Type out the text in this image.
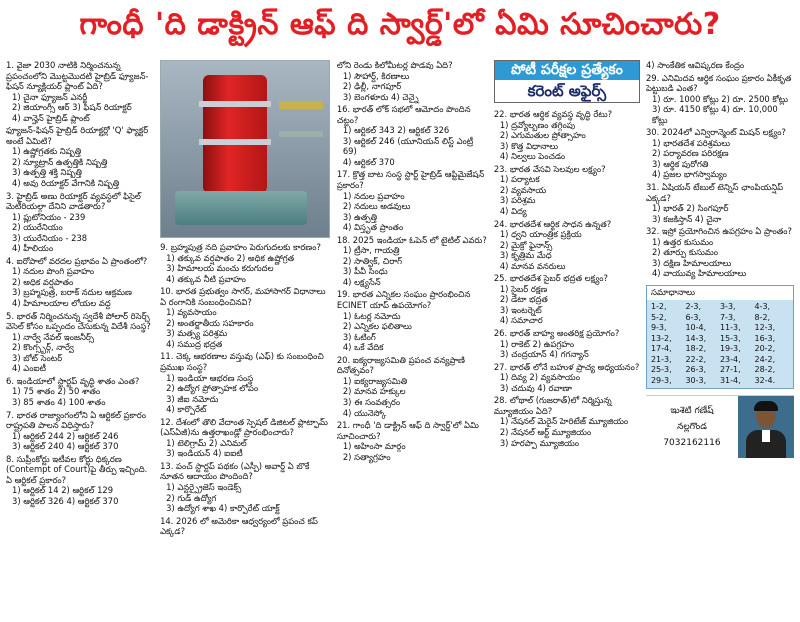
గాంధీ 'ది డాక్ట్రిన్ ఆఫ్ ది స్వార్డ్'లో ఏమి సూచించారు?
1. వైజా 2030 నాటికి నిర్మించనున్న ప్రపంచంలోని మొట్టమొదటి హైబ్రిడ్ ఫ్యూజన్-ఫిషన్ న్యూక్లియర్ ప్లాంట్ ఏది?
1) చైనా ఫ్యూజన్ ఎనర్జీ
2) జియాంగ్సీ ఆర్ 3) ఫిషన్ రియాక్టర్
4) వాన్హెన్ హైబ్రిడ్ ప్లాంట్
ఫ్యూజన్-ఫిషన్ హైబ్రిడ్ రియాక్టర్లో 'Q' ఫ్యాక్టర్ అంటే ఏమిటి?
1) ఉష్ణోగ్రతకు నిష్పత్తి
2) న్యూట్రాన్ ఉత్పత్తికి నిష్పత్తి
3) ఉత్పత్తి శక్తి నిష్పత్తి
4) అవు రియాక్టర్ వేగానికి నిష్పత్తి
3. హైబ్రిడ్ అణు రియాక్టర్ వ్యవస్థలో ఫిసైల్ మెటీరియల్గా దేనిని వాడతారు?
1) ప్లుటోనియం - 239
2) యురేనియం
3) యురేనియం - 238
4) హీలియం
4. ఐరోపాలో వరదల ప్రభావం ఏ ప్రాంతంలో?
1) నదుల పొంగి ప్రవాహం
2) అధిక వర్షపాతం
3) బ్రహ్మపుత్ర, బరాక్ నదుల ఆక్రమణ
4) హిమాలయాల లోయల వద్ద
5. భారత్ నిర్మించనున్న స్వదేశీ పోలార్ రిసెర్చ్ వెసెల్ కోసం ఒప్పందం చేసుకున్న విదేశీ సంస్థ?
1) నార్వే నేవల్ ఇంజనీర్స్
2) కొంగ్స్బర్గ్, నార్వే
3) బోట్ సెంటర్
4) ఎంఐటీ
6. ఇండియాలో స్టార్టప్ వృద్ధి శాతం ఎంత?
1) 75 శాతం 2) 50 శాతం
3) 85 శాతం 4) 100 శాతం
7. భారత రాజ్యాంగంలోని ఏ ఆర్టికల్ ప్రకారం రాష్ట్రపతి పాలన విధిస్తారు?
1) ఆర్టికల్ 244 2) ఆర్టికల్ 246
3) ఆర్టికల్ 240 4) ఆర్టికల్ 370
8. సుప్రీంకోర్టు ఇటీవల కోర్టు ధిక్కరణ (Contempt of Court)పై తీర్పు ఇచ్చింది. ఏ ఆర్టికల్ ప్రకారం?
1) ఆర్టికల్ 14 2) ఆర్టికల్ 129
3) ఆర్టికల్ 326 4) ఆర్టికల్ 370
9. బ్రహ్మపుత్ర నది ప్రవాహం పెరుగుదలకు కారణం?
1) తక్కువ వర్షపాతం 2) అధిక ఉష్ణోగ్రత
3) హిమాలయ మంచు కరుగుదల
4) తక్కువ నీటి ప్రవాహం
10. భారత ప్రభుత్వం సాగర్, మహాసాగర్ విధానాలు ఏ రంగానికి సంబంధించినవి?
1) వ్యవసాయం
2) అంతర్జాతీయ సహకారం
3) మత్స్య పరిశ్రమ
4) సముద్ర భద్రత
11. చెక్క ఆభరణాల వస్తువు (ఎఫ్) కు సంబంధించి ప్రముఖ సంస్థ?
1) ఇండియా ఆభరణ సంస్థ
2) ఉద్యోగ ప్రోత్సాహక లోపం
3) జీఐ నమోదు
4) కార్పొరేట్
12. దేశంలో తొలి వేదాంత స్పెషల్ డిజిటల్ ప్లాట్ఫామ్ (ఎస్ఏజీ)ను ఉత్తరాఖండ్లో ప్రారంభించారు?
1) టెలిగ్రామ్ 2) ఎనిమల్
3) ఇండియన్ 4) ఐఐటీ
13. పంచ్ స్టార్టప్ పథకం (ఎస్పీ) అవార్డ్ ఏ బొకే నూతన ఆదాయం పొందింది?
1) ఎన్టర్ప్రైజెస్ ఇండెక్స్
2) గుడ్ ఉద్యోగ
3) ఉద్యోగ శాఖ 4) కార్పొరేట్ యాక్ట్
14. 2026 లో అమెరికా ఆధ్వర్యంలో ప్రపంచ కప్ ఎక్కడ?
లోని రెండు కిలోమీటర్ల పొడవు ఏది?
1) సౌహార్ద్, కిరణాలు
2) ఢిల్లీ, నాగపూర్
3) బెంగళూరు 4) చెన్నై
16. భారత్ లోక్ సభలో ఆమోదం పొందిన చట్టం?
1) ఆర్టికల్ 343 2) ఆర్టికల్ 326
3) ఆర్టికల్ 246 (యూనియన్ లిస్ట్ ఎంట్రీ 69)
4) ఆర్టికల్ 370
17. క్రొత్త బాట సంస్థ స్టార్ట్ హైబ్రిడ్ ఆప్టిమైజేషన్ ప్రకారం?
1) నదుల ప్రవాహం
2) నదులు అడవులు
3) ఉత్పత్తి
4) విస్తృత ప్రాంతం
18. 2025 ఇండియా ఓపెన్ లో టైటిల్ ఎవరు?
1) ట్రీసా, గాయత్రి
2) సాత్విక్, చిరాగ్
3) పీవీ సింధు
4) లక్ష్యసేన్
19. భారత ఎన్నికల సంఘం ప్రారంభించిన ECINET యాప్ ఉపయోగం?
1) ఓటర్ల నమోదు
2) ఎన్నికల ఫలితాలు
3) ఓటింగ్
4) ఒకే వేదిక
20. ఐక్యరాజ్యసమితి ప్రపంచ వన్యప్రాణి దినోత్సవం?
1) ఐక్యరాజ్యసమితి
2) మానవ హక్కుల
3) ఈ సంవత్సరం
4) యునెస్కో
21. గాంధీ 'ది డాక్ట్రిన్ ఆఫ్ ది స్వార్డ్'లో ఏమి సూచించారు?
1) అహింసా మార్గం
2) సత్యాగ్రహం
పోటీ పరీక్షల ప్రత్యేకం
కరెంట్ అఫైర్స్
22. భారత ఆర్థిక వ్యవస్థ వృద్ధి రేటు?
1) ద్రవ్యోల్బణం తగ్గింపు
2) ఎగుమతుల ప్రోత్సాహం
3) కొత్త విధానాలు
4) నిల్వలు పెంచడం
23. భారత వేసవి సెలవుల లక్ష్యం?
1) పర్యాటక
2) వ్యవసాయ
3) పరిశ్రమ
4) విద్య
24. భారతదేశ ఆర్థిక సాధన ఉన్నత?
1) ధ్వని యాంత్రిక ప్రక్రియ
2) మైక్రో ఫైనాన్స్
3) కృత్రిమ మేధ
4) మానవ వనరులు
25. భారతదేశ సైబర్ భద్రత లక్ష్యం?
1) సైబర్ రక్షణ
2) డేటా భద్రత
3) ఇంటర్నెట్
4) సమాచార
26. భారత్ బాహ్య అంతరిక్ష ప్రయోగం?
1) రాకెట్ 2) ఉపగ్రహం
3) చంద్రయాన్ 4) గగన్యాన్
27. భారత్ లోనే బహుళ ప్రాచ్య అధ్యయనం?
1) దివ్య 2) వ్యవసాయం
3) చదువు 4) రవాణా
28. లోథాల్ (గుజరాత్)లో నిర్మిస్తున్న మ్యూజియం ఏది?
1) నేషనల్ మెరైన్ హెరిటేజ్ మ్యూజియం
2) నేషనల్ ఆర్ట్ మ్యూజియం
3) హరప్పా మ్యూజియం
4) సాంకేతిక ఆవిష్కరణ కేంద్రం
29. ఎనిమిదవ ఆర్థిక సంఘం ప్రకారం ఏకీకృత పెట్టుబడి ఎంత?
1) రూ. 1000 కోట్లు 2) రూ. 2500 కోట్లు
3) రూ. 4150 కోట్లు 4) రూ. 10,000 కోట్లు
30. 2024లో ఎన్విరాన్మెంట్ మిషన్ లక్ష్యం?
1) భారతదేశ పరిశ్రమలు
2) పర్యావరణ పరిరక్షణ
3) ఆర్థిక పురోగతి
4) ప్రజల భాగస్వామ్యం
31. ఏషియన్ టేబుల్ టెన్నిస్ ఛాంపియన్షిప్ ఎక్కడ?
1) భారత్ 2) సింగపూర్
3) కజకిస్తాన్ 4) చైనా
32. ఇస్రో ప్రయోగించిన ఉపగ్రహం ఏ ప్రాంతం?
1) ఉత్తర కుసుమం
2) తూర్పు కుసుమం
3) దక్షిణ హిమాలయాలు
4) వాయువ్య హిమాలయాలు
సమాధానాలు
1-2,	2-3,	3-3,	4-3,
5-2,	6-3,	7-3,	8-2,
9-3,	10-4,	11-3,	12-3,
13-2,	14-3,	15-3,	16-3,
17-4,	18-2,	19-3,	20-2,
21-3,	22-2,	23-4,	24-2,
25-3,	26-3,	27-1,	28-2,
29-3,	30-3,	31-4,	32-4.
ఇుశెటి గణేష్
నల్లగొండ
7032162116
